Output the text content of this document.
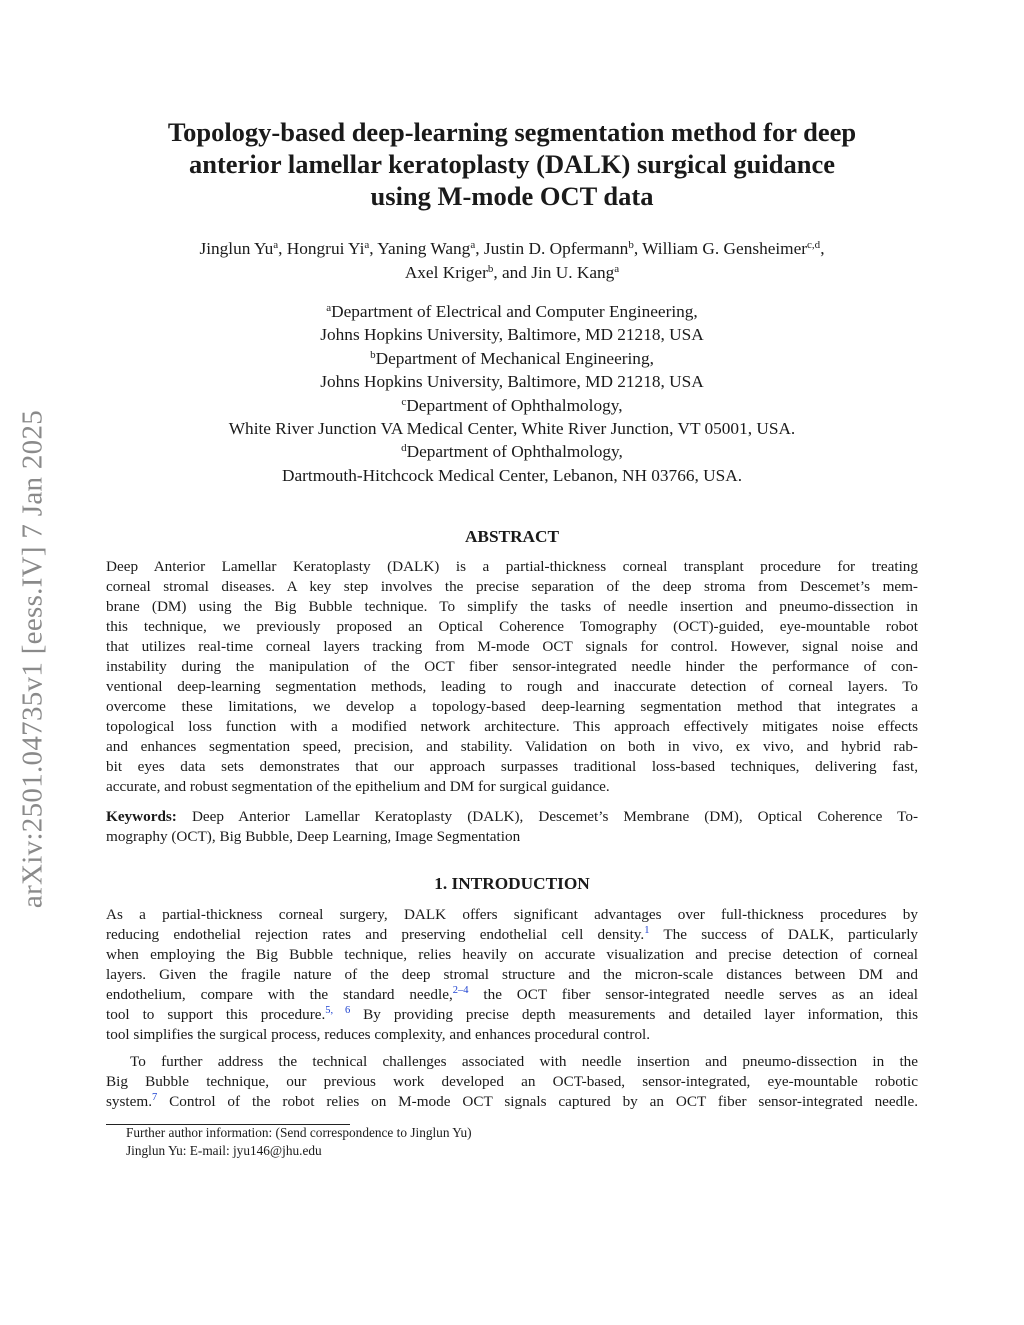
arXiv:2501.04735v1 [eess.IV] 7 Jan 2025
Topology-based deep-learning segmentation method for deep
anterior lamellar keratoplasty (DALK) surgical guidance
using M-mode OCT data
Jinglun Yu$^a$, Hongrui Yi$^a$, Yaning Wang$^a$, Justin D. Opfermann$^b$, William G. Gensheimer$^{c,d}$,
Axel Kriger$^b$, and Jin U. Kang$^a$
$^a$Department of Electrical and Computer Engineering,
Johns Hopkins University, Baltimore, MD 21218, USA
$^b$Department of Mechanical Engineering,
Johns Hopkins University, Baltimore, MD 21218, USA
$^c$Department of Ophthalmology,
White River Junction VA Medical Center, White River Junction, VT 05001, USA.
$^d$Department of Ophthalmology,
Dartmouth-Hitchcock Medical Center, Lebanon, NH 03766, USA.
ABSTRACT
Deep Anterior Lamellar Keratoplasty (DALK) is a partial-thickness corneal transplant procedure for treating
corneal stromal diseases. A key step involves the precise separation of the deep stroma from Descemet’s mem-
brane (DM) using the Big Bubble technique. To simplify the tasks of needle insertion and pneumo-dissection in
this technique, we previously proposed an Optical Coherence Tomography (OCT)-guided, eye-mountable robot
that utilizes real-time corneal layers tracking from M-mode OCT signals for control. However, signal noise and
instability during the manipulation of the OCT fiber sensor-integrated needle hinder the performance of con-
ventional deep-learning segmentation methods, leading to rough and inaccurate detection of corneal layers. To
overcome these limitations, we develop a topology-based deep-learning segmentation method that integrates a
topological loss function with a modified network architecture. This approach effectively mitigates noise effects
and enhances segmentation speed, precision, and stability. Validation on both in vivo, ex vivo, and hybrid rab-
bit eyes data sets demonstrates that our approach surpasses traditional loss-based techniques, delivering fast,
accurate, and robust segmentation of the epithelium and DM for surgical guidance.
Keywords: Deep Anterior Lamellar Keratoplasty (DALK), Descemet’s Membrane (DM), Optical Coherence To-
mography (OCT), Big Bubble, Deep Learning, Image Segmentation
1. INTRODUCTION
As a partial-thickness corneal surgery, DALK offers significant advantages over full-thickness procedures by
reducing endothelial rejection rates and preserving endothelial cell density.$^1$ The success of DALK, particularly
when employing the Big Bubble technique, relies heavily on accurate visualization and precise detection of corneal
layers. Given the fragile nature of the deep stromal structure and the micron-scale distances between DM and
endothelium, compare with the standard needle,$^{2-4}$ the OCT fiber sensor-integrated needle serves as an ideal
tool to support this procedure.$^{5, 6}$ By providing precise depth measurements and detailed layer information, this
tool simplifies the surgical process, reduces complexity, and enhances procedural control.
To further address the technical challenges associated with needle insertion and pneumo-dissection in the
Big Bubble technique, our previous work developed an OCT-based, sensor-integrated, eye-mountable robotic
system.$^7$ Control of the robot relies on M-mode OCT signals captured by an OCT fiber sensor-integrated needle.
Further author information: (Send correspondence to Jinglun Yu)
Jinglun Yu: E-mail: jyu146@jhu.edu
